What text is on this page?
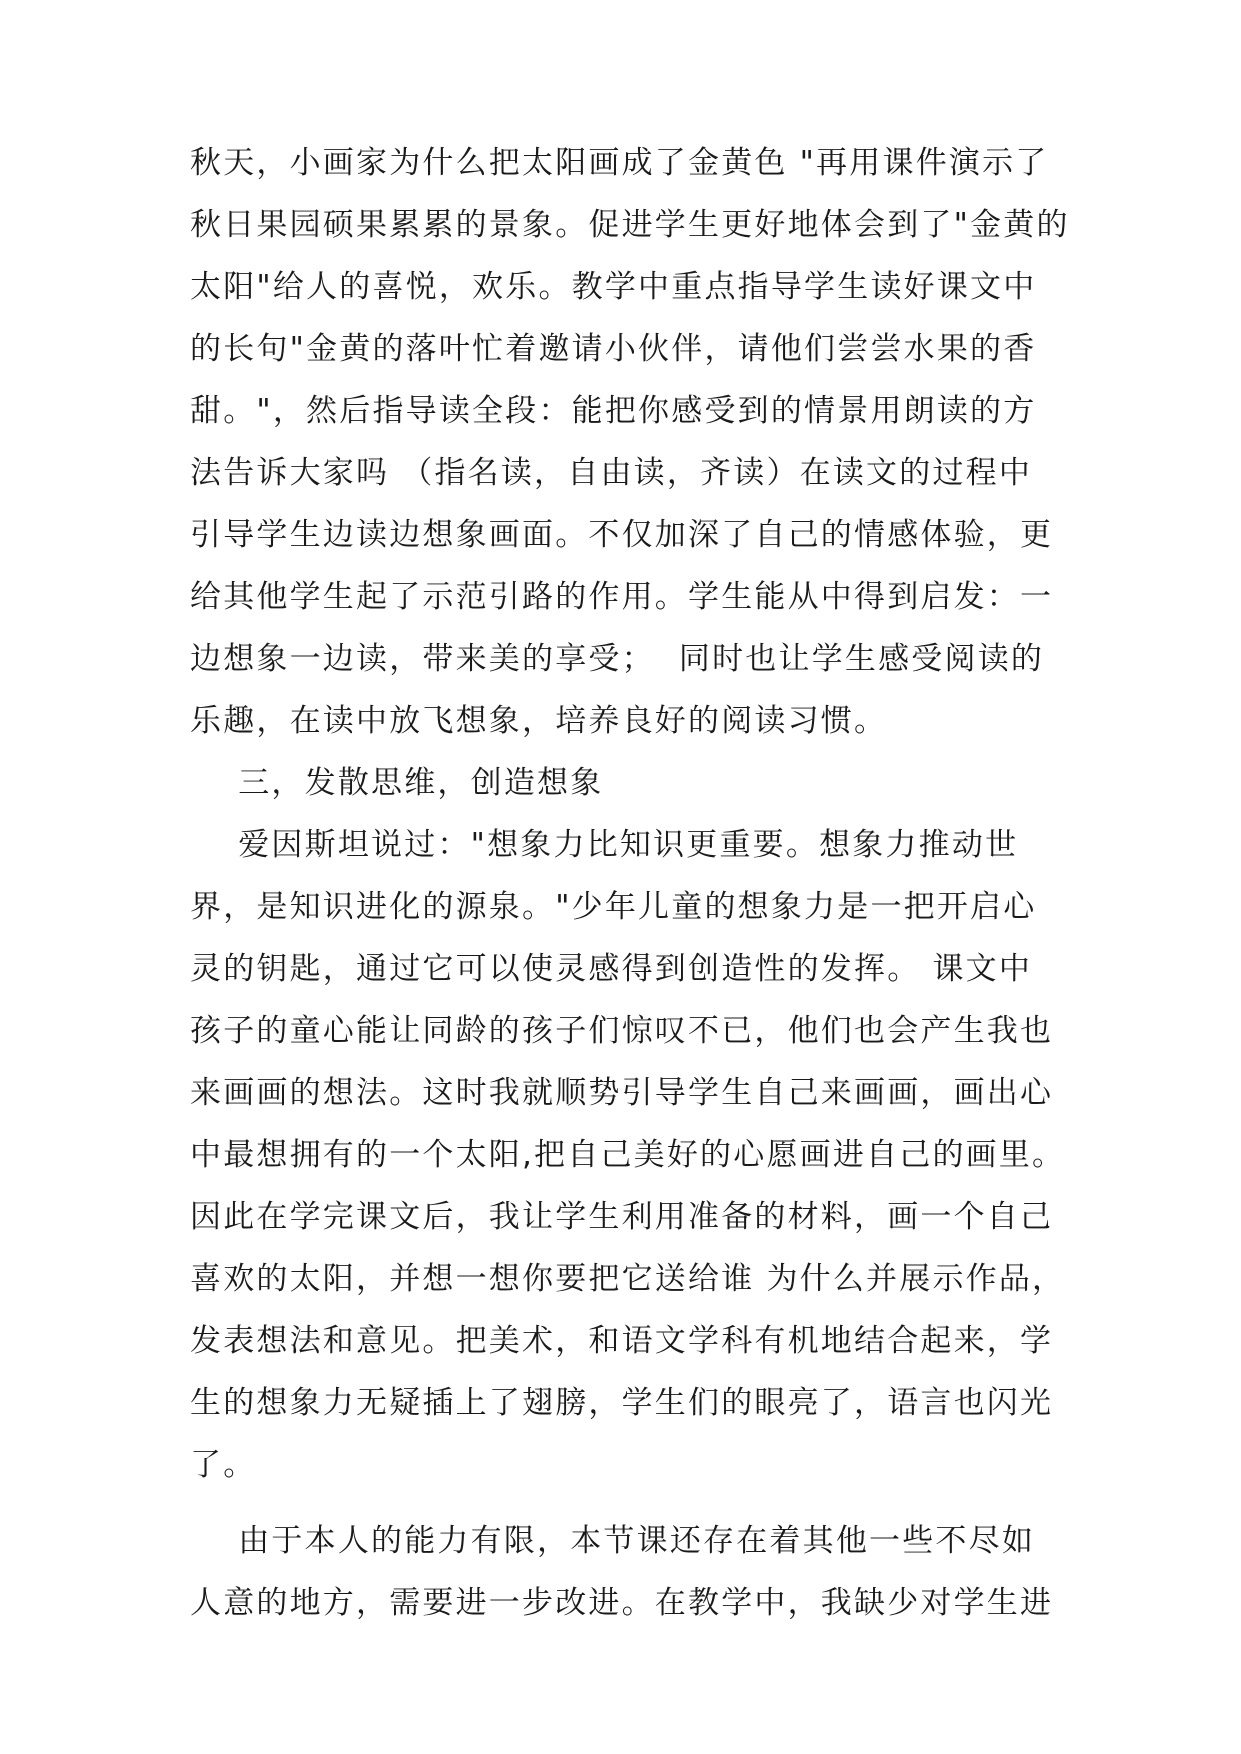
秋天，小画家为什么把太阳画成了金黄色 "再用课件演示了
秋日果园硕果累累的景象。促进学生更好地体会到了"金黄的
太阳"给人的喜悦，欢乐。教学中重点指导学生读好课文中
的长句"金黄的落叶忙着邀请小伙伴，请他们尝尝水果的香
甜。"，然后指导读全段：能把你感受到的情景用朗读的方
法告诉大家吗 （指名读，自由读，齐读）在读文的过程中
引导学生边读边想象画面。不仅加深了自己的情感体验，更
给其他学生起了示范引路的作用。学生能从中得到启发：一
边想象一边读，带来美的享受；  同时也让学生感受阅读的
乐趣，在读中放飞想象，培养良好的阅读习惯。
三，发散思维，创造想象
爱因斯坦说过："想象力比知识更重要。想象力推动世
界，是知识进化的源泉。"少年儿童的想象力是一把开启心
灵的钥匙，通过它可以使灵感得到创造性的发挥。 课文中
孩子的童心能让同龄的孩子们惊叹不已，他们也会产生我也
来画画的想法。这时我就顺势引导学生自己来画画，画出心
中最想拥有的一个太阳,把自己美好的心愿画进自己的画里。
因此在学完课文后，我让学生利用准备的材料，画一个自己
喜欢的太阳，并想一想你要把它送给谁 为什么并展示作品，
发表想法和意见。把美术，和语文学科有机地结合起来，学
生的想象力无疑插上了翅膀，学生们的眼亮了，语言也闪光
了。
由于本人的能力有限，本节课还存在着其他一些不尽如
人意的地方，需要进一步改进。在教学中，我缺少对学生进
